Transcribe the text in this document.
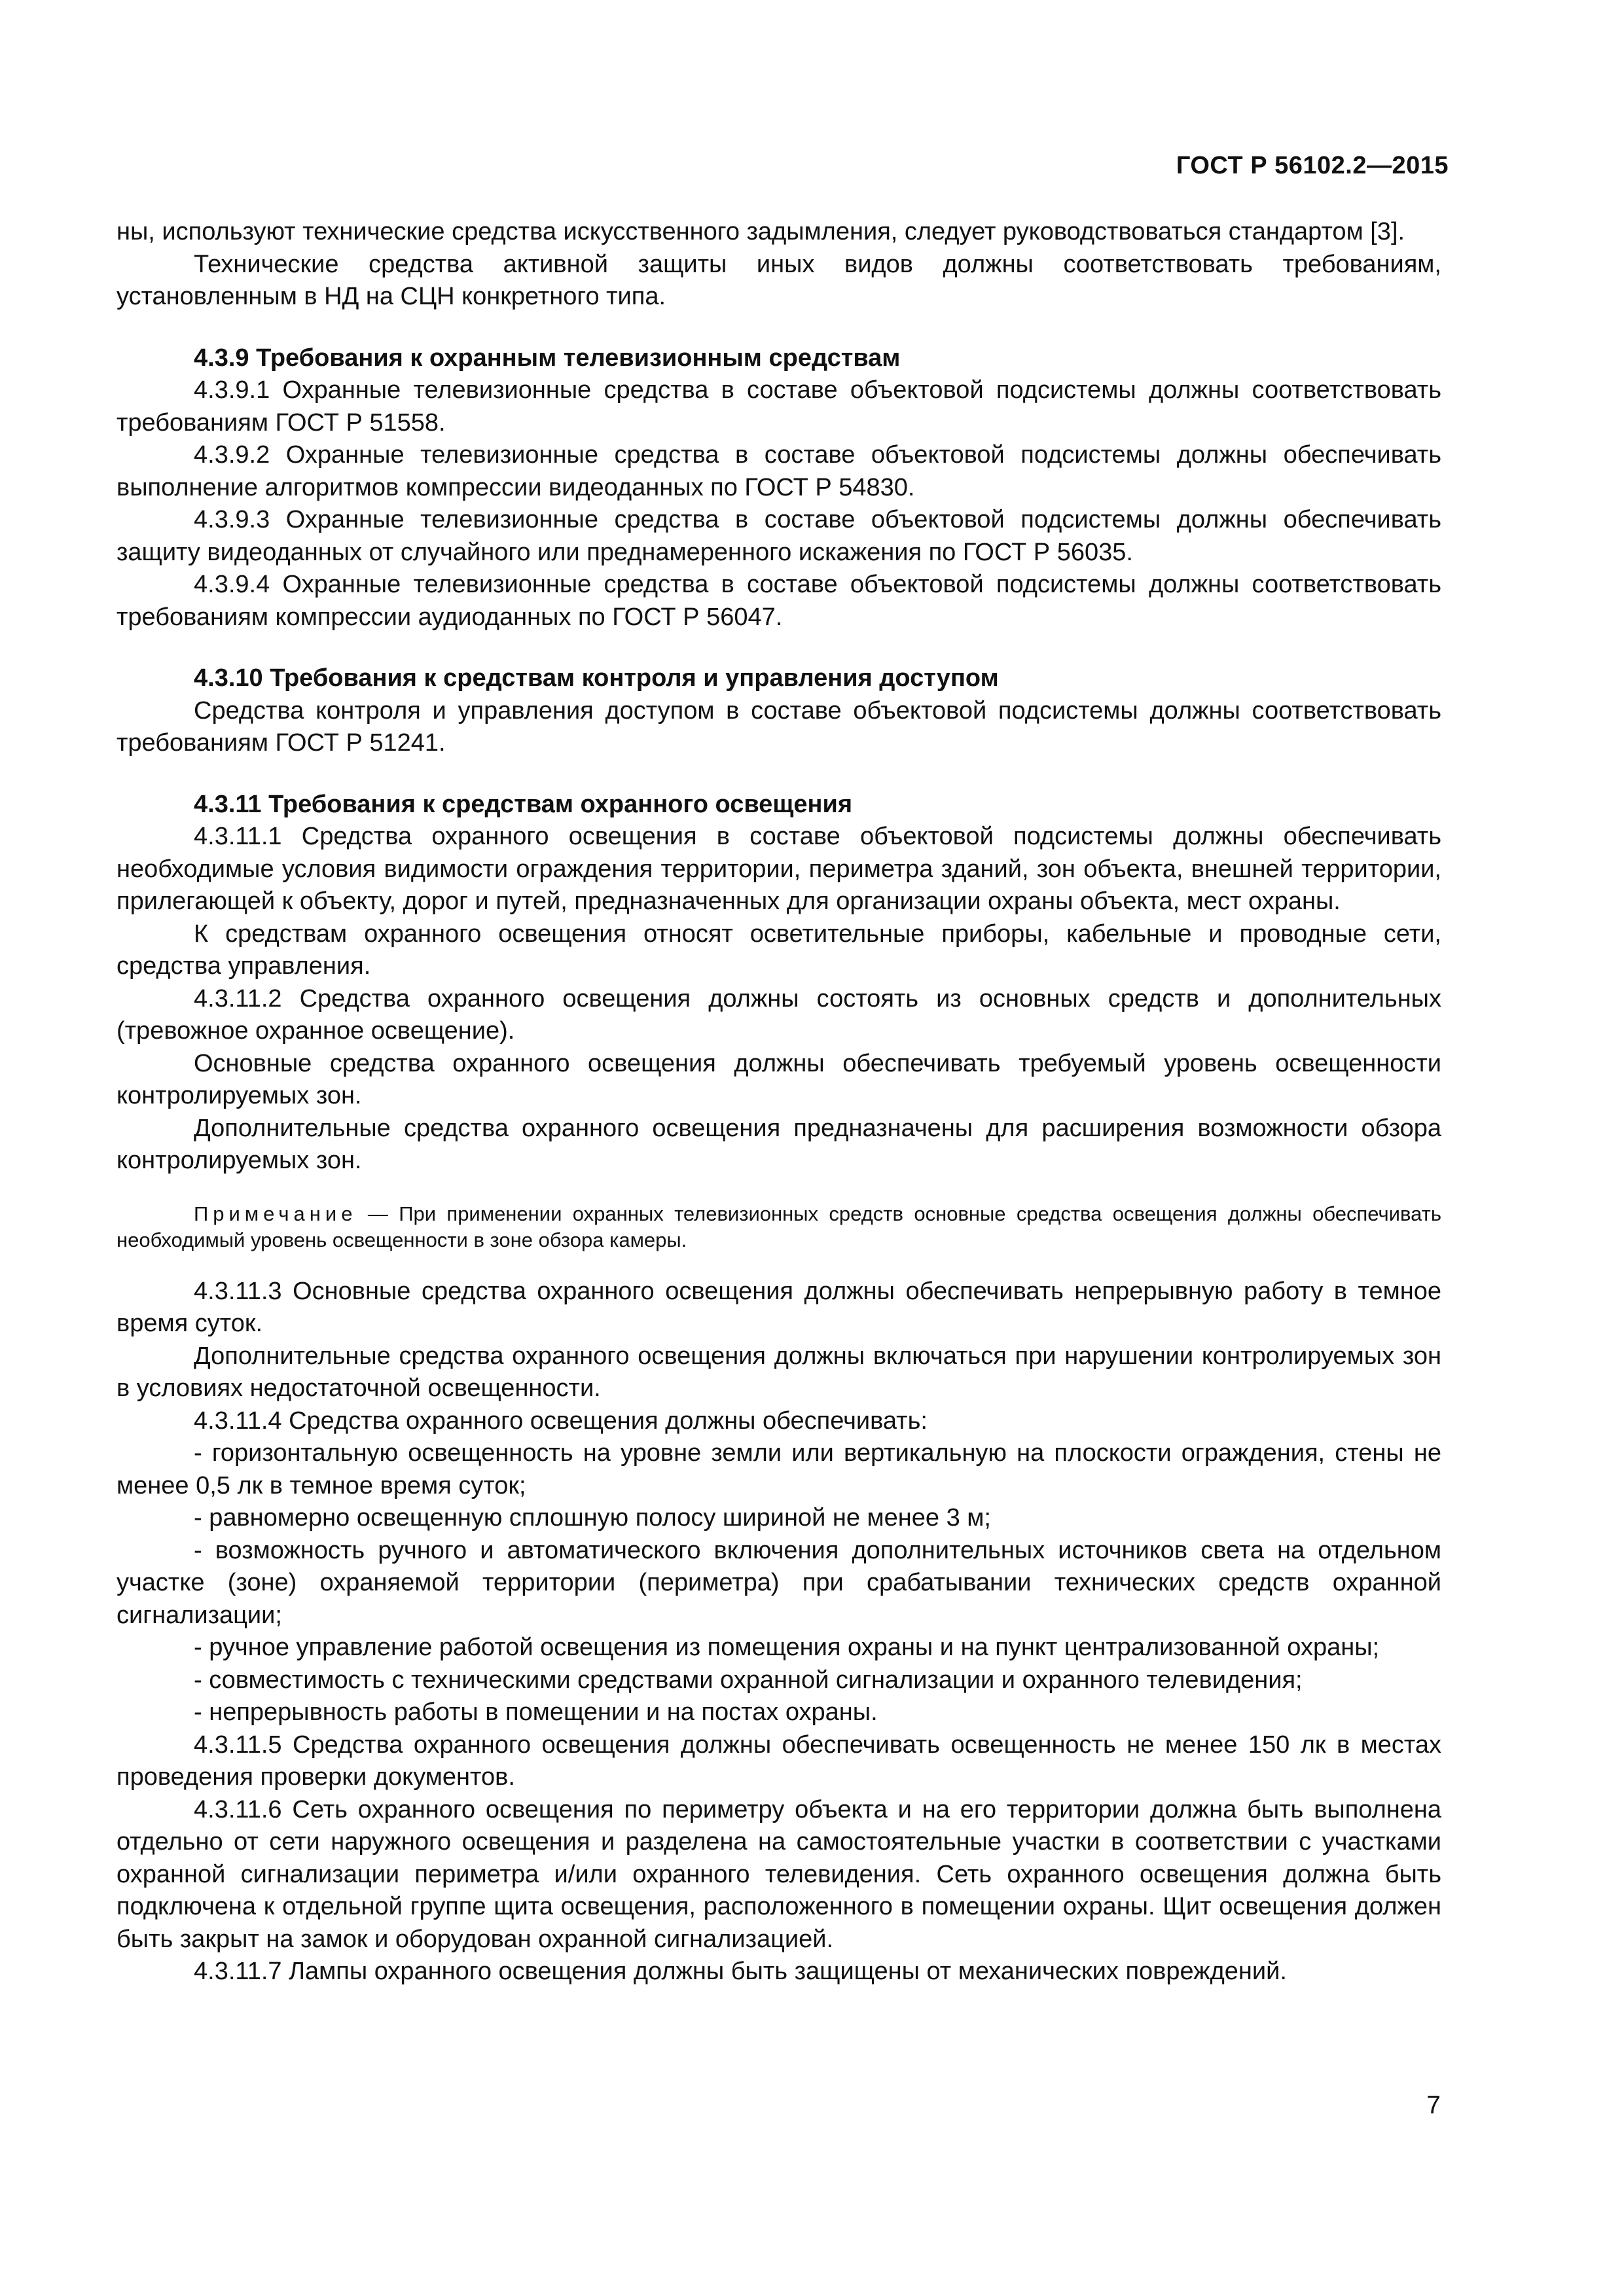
ГОСТ Р 56102.2—2015

ны, используют технические средства искусственного задымления, следует руководствоваться стандартом [3].

Технические средства активной защиты иных видов должны соответствовать требованиям, установленным в НД на СЦН конкретного типа.

4.3.9 Требования к охранным телевизионным средствам

4.3.9.1 Охранные телевизионные средства в составе объектовой подсистемы должны соответствовать требованиям ГОСТ Р 51558.

4.3.9.2 Охранные телевизионные средства в составе объектовой подсистемы должны обеспечивать выполнение алгоритмов компрессии видеоданных по ГОСТ Р 54830.

4.3.9.3 Охранные телевизионные средства в составе объектовой подсистемы должны обеспечивать защиту видеоданных от случайного или преднамеренного искажения по ГОСТ Р 56035.

4.3.9.4 Охранные телевизионные средства в составе объектовой подсистемы должны соответствовать требованиям компрессии аудиоданных по ГОСТ Р 56047.

4.3.10 Требования к средствам контроля и управления доступом

Средства контроля и управления доступом в составе объектовой подсистемы должны соответствовать требованиям ГОСТ Р 51241.

4.3.11 Требования к средствам охранного освещения

4.3.11.1 Средства охранного освещения в составе объектовой подсистемы должны обеспечивать необходимые условия видимости ограждения территории, периметра зданий, зон объекта, внешней территории, прилегающей к объекту, дорог и путей, предназначенных для организации охраны объекта, мест охраны.

К средствам охранного освещения относят осветительные приборы, кабельные и проводные сети, средства управления.

4.3.11.2 Средства охранного освещения должны состоять из основных средств и дополнительных (тревожное охранное освещение).

Основные средства охранного освещения должны обеспечивать требуемый уровень освещенности контролируемых зон.

Дополнительные средства охранного освещения предназначены для расширения возможности обзора контролируемых зон.

Примечание — При применении охранных телевизионных средств основные средства освещения должны обеспечивать необходимый уровень освещенности в зоне обзора камеры.

4.3.11.3 Основные средства охранного освещения должны обеспечивать непрерывную работу в темное время суток.

Дополнительные средства охранного освещения должны включаться при нарушении контролируемых зон в условиях недостаточной освещенности.

4.3.11.4 Средства охранного освещения должны обеспечивать:

- горизонтальную освещенность на уровне земли или вертикальную на плоскости ограждения, стены не менее 0,5 лк в темное время суток;

- равномерно освещенную сплошную полосу шириной не менее 3 м;

- возможность ручного и автоматического включения дополнительных источников света на отдельном участке (зоне) охраняемой территории (периметра) при срабатывании технических средств охранной сигнализации;

- ручное управление работой освещения из помещения охраны и на пункт централизованной охраны;

- совместимость с техническими средствами охранной сигнализации и охранного телевидения;

- непрерывность работы в помещении и на постах охраны.

4.3.11.5 Средства охранного освещения должны обеспечивать освещенность не менее 150 лк в местах проведения проверки документов.

4.3.11.6 Сеть охранного освещения по периметру объекта и на его территории должна быть выполнена отдельно от сети наружного освещения и разделена на самостоятельные участки в соответствии с участками охранной сигнализации периметра и/или охранного телевидения. Сеть охранного освещения должна быть подключена к отдельной группе щита освещения, расположенного в помещении охраны. Щит освещения должен быть закрыт на замок и оборудован охранной сигнализацией.

4.3.11.7 Лампы охранного освещения должны быть защищены от механических повреждений.

7
